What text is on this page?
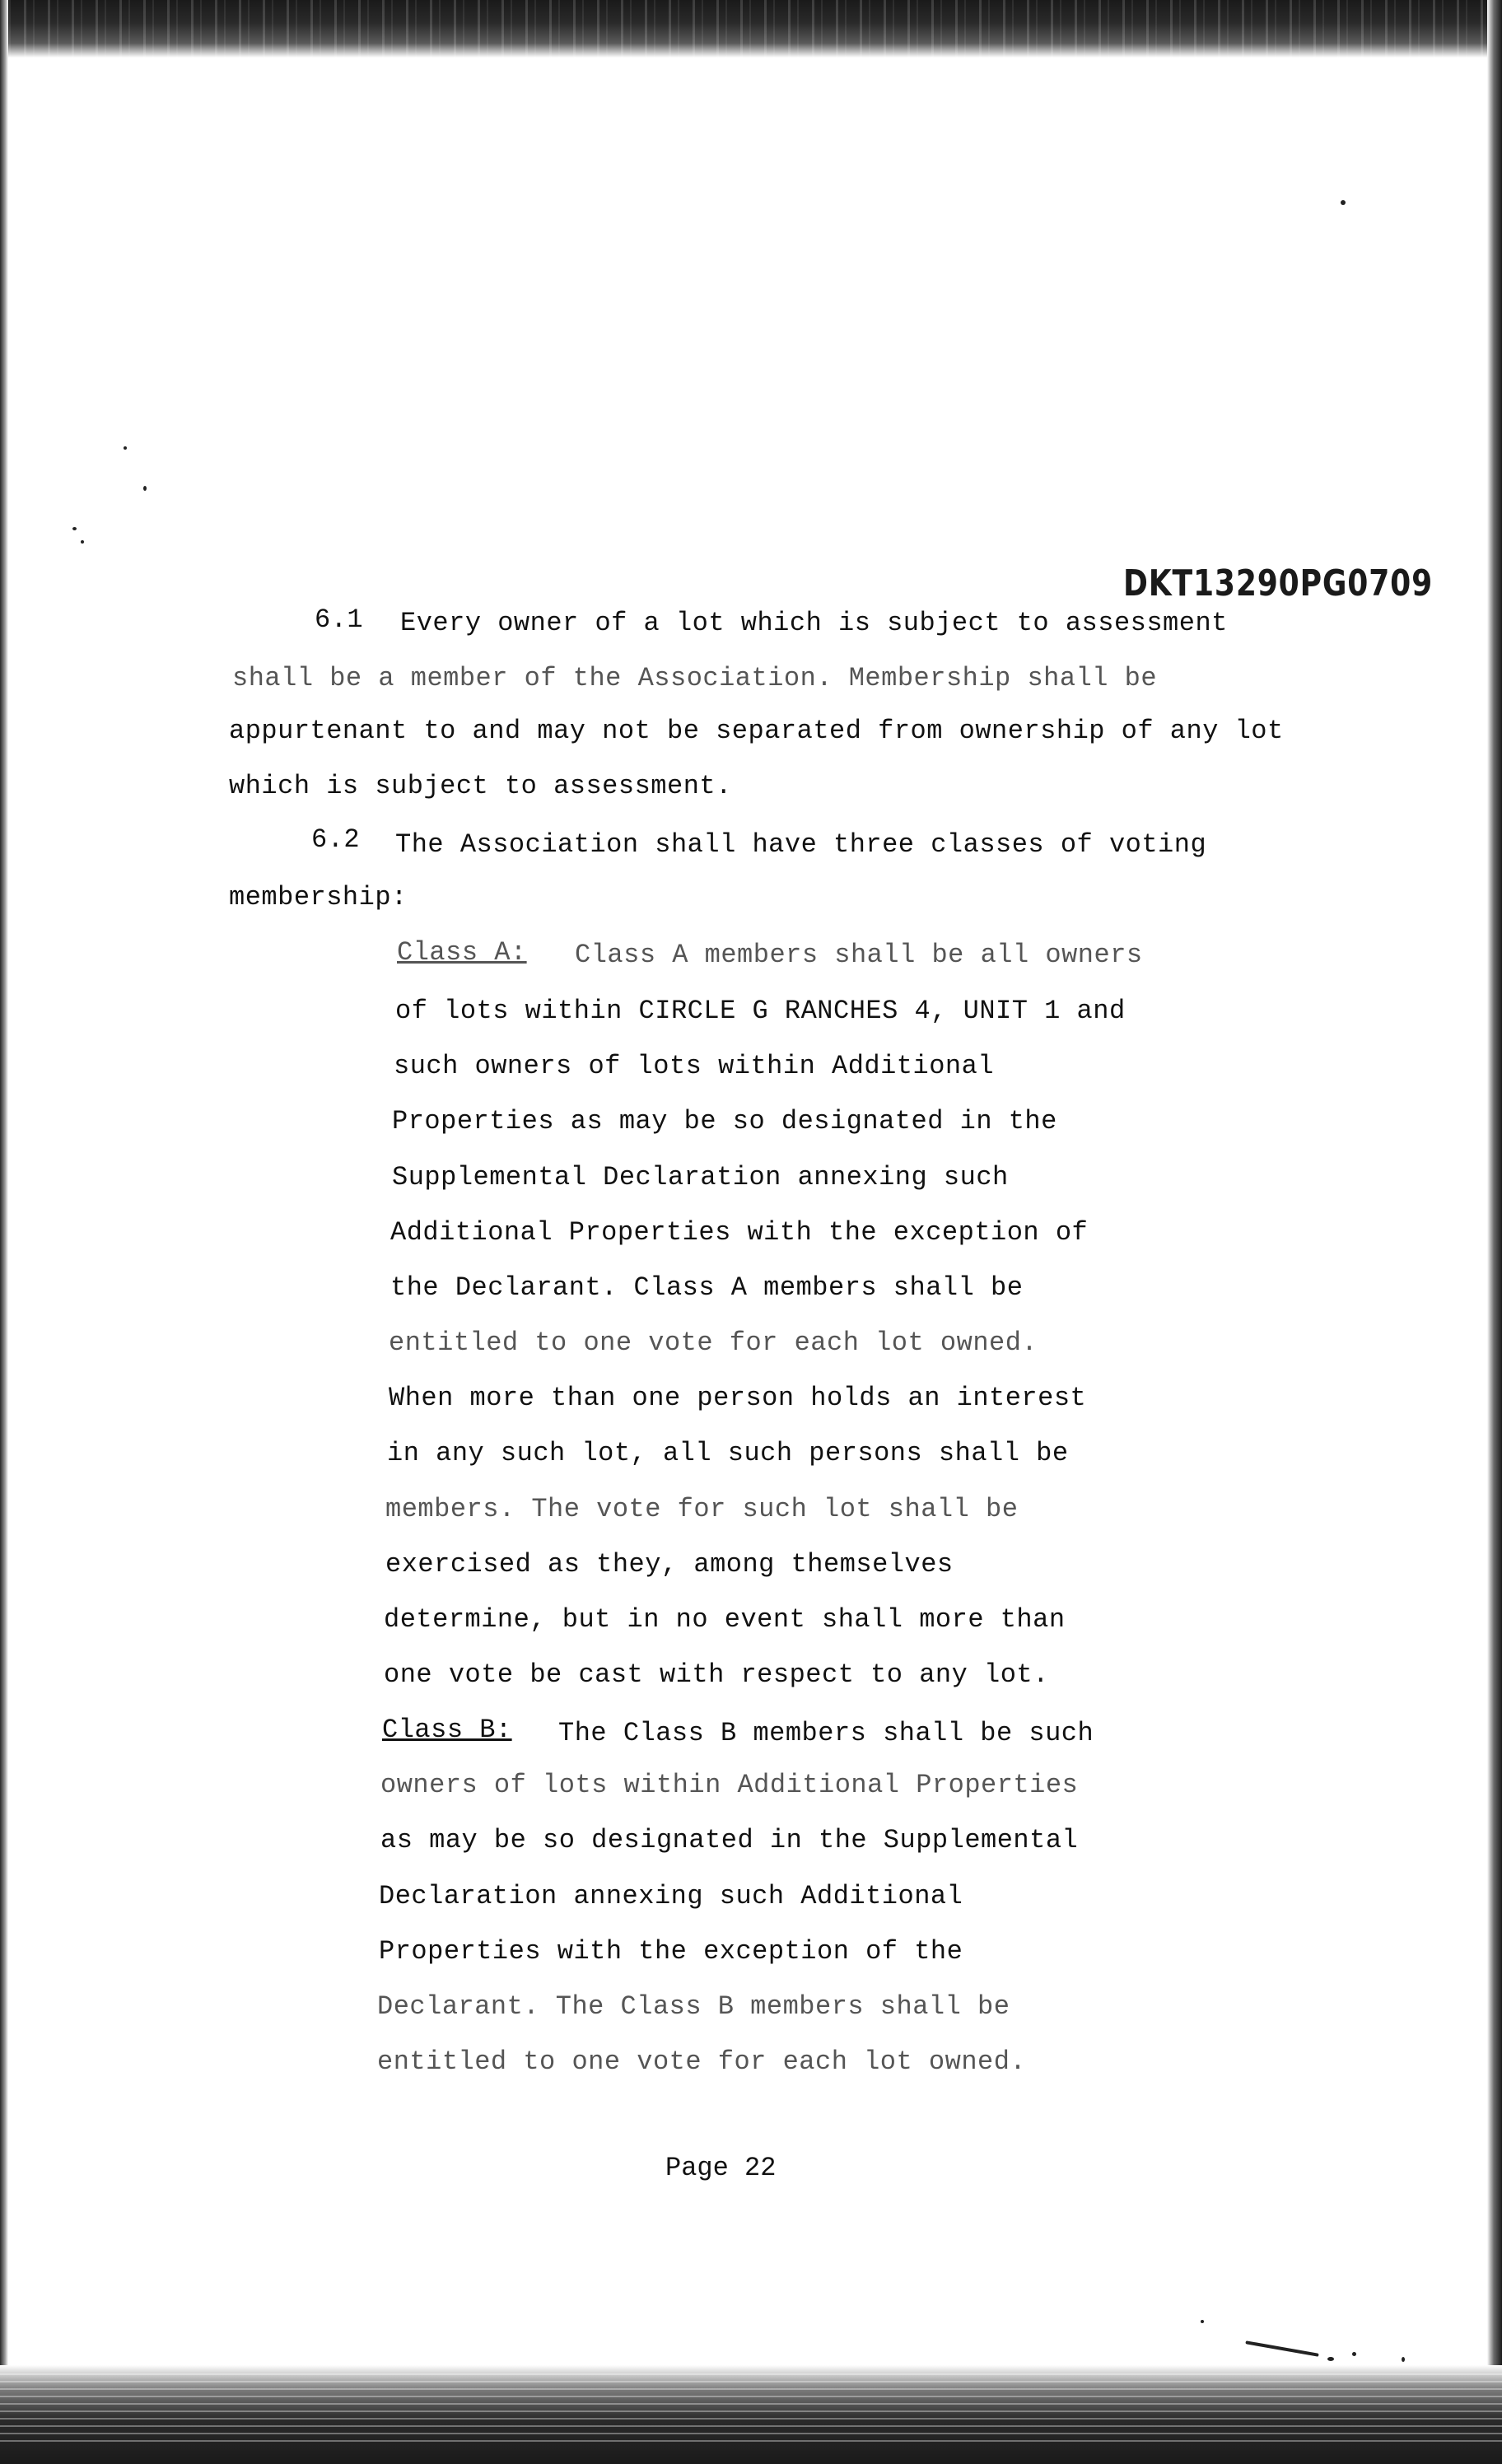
DKT13290PG0709
6.1 Every owner of a lot which is subject to assessment
shall be a member of the Association. Membership shall be
appurtenant to and may not be separated from ownership of any lot
which is subject to assessment.
6.2 The Association shall have three classes of voting
membership:
Class A: Class A members shall be all owners
of lots within CIRCLE G RANCHES 4, UNIT 1 and
such owners of lots within Additional
Properties as may be so designated in the
Supplemental Declaration annexing such
Additional Properties with the exception of
the Declarant. Class A members shall be
entitled to one vote for each lot owned.
When more than one person holds an interest
in any such lot, all such persons shall be
members. The vote for such lot shall be
exercised as they, among themselves
determine, but in no event shall more than
one vote be cast with respect to any lot.
Class B: The Class B members shall be such
owners of lots within Additional Properties
as may be so designated in the Supplemental
Declaration annexing such Additional
Properties with the exception of the
Declarant. The Class B members shall be
entitled to one vote for each lot owned.
Page 22
